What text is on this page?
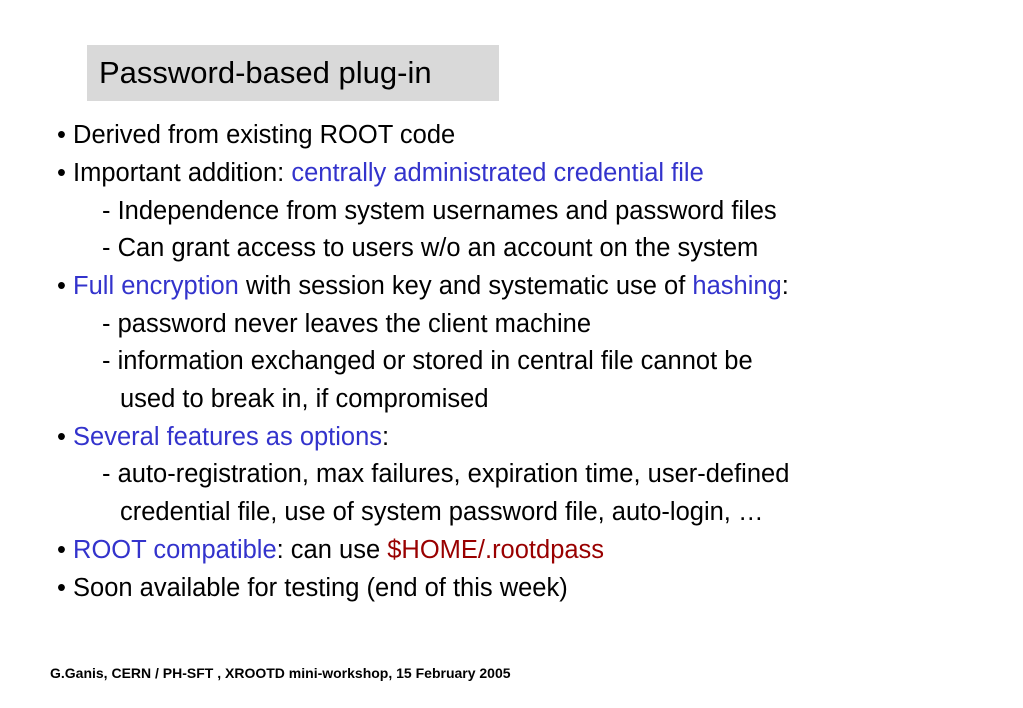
Password-based plug-in
• Derived from existing ROOT code
• Important addition: centrally administrated credential file
- Independence from system usernames and password files
- Can grant access to users w/o an account on the system
• Full encryption with session key and systematic use of hashing:
- password never leaves the client machine
- information exchanged or stored in central file cannot be
used to break in, if compromised
• Several features as options:
- auto-registration, max failures, expiration time, user-defined
credential file, use of system password file, auto-login, …
• ROOT compatible: can use $HOME/.rootdpass
• Soon available for testing (end of this week)
G.Ganis, CERN / PH-SFT , XROOTD mini-workshop, 15 February 2005
